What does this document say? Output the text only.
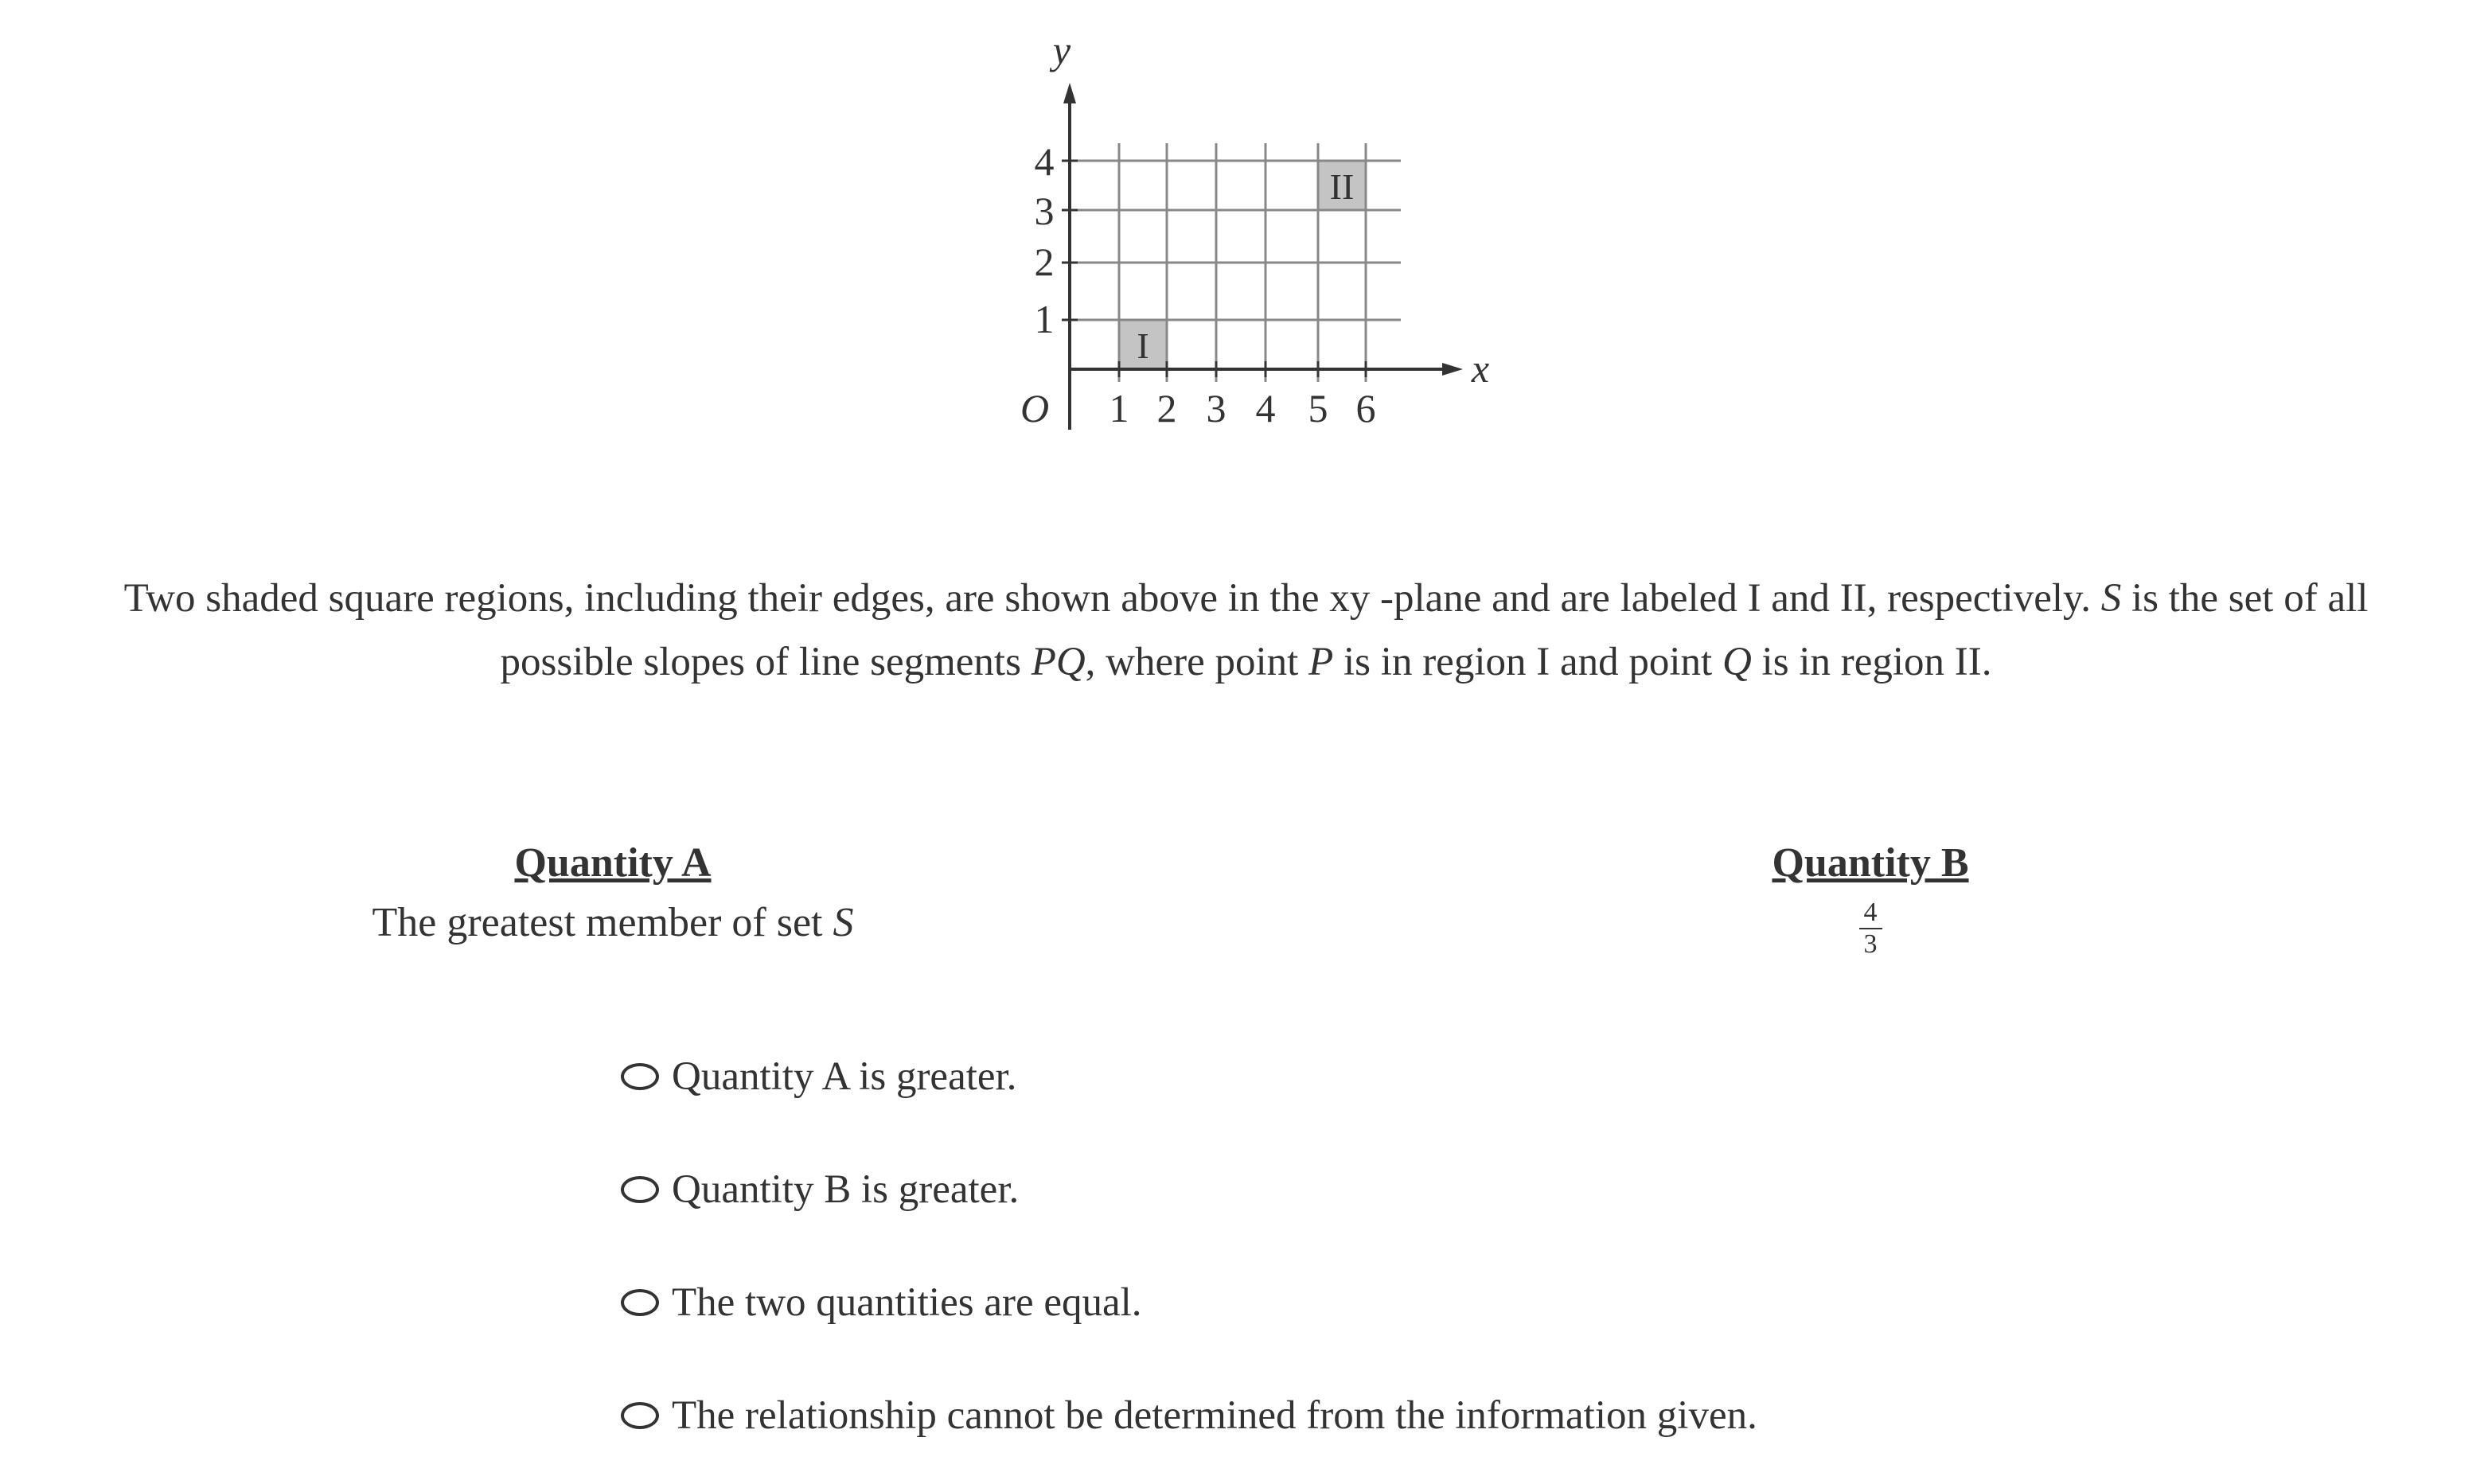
y
x
O 1 2 3 4 5 6
1
2
3
4
I
II
Two shaded square regions, including their edges, are shown above in the xy -plane and are labeled I and II, respectively. S is the set of all possible slopes of line segments PQ, where point P is in region I and point Q is in region II.
Quantity A
The greatest member of set S
Quantity B
$\frac{4}{3}$
Quantity A is greater.
Quantity B is greater.
The two quantities are equal.
The relationship cannot be determined from the information given.
